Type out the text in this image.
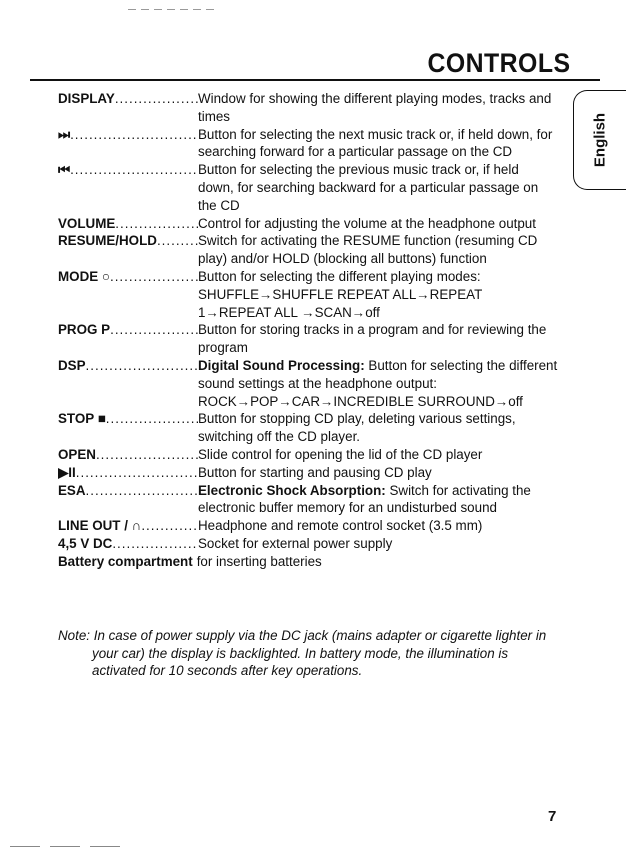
CONTROLS
English
DISPLAY .....	Window for showing the different playing modes, tracks and times
⏭ .....	Button for selecting the next music track or, if held down, for searching forward for a particular passage on the CD
⏮ .....	Button for selecting the previous music track or, if held down, for searching backward for a particular passage on the CD
VOLUME .....	Control for adjusting the volume at the headphone output
RESUME/HOLD .....	Switch for activating the RESUME function (resuming CD play) and/or HOLD (blocking all buttons) function
MODE ○ .....	Button for selecting the different playing modes: SHUFFLE→SHUFFLE REPEAT ALL→REPEAT 1→REPEAT ALL →SCAN→off
PROG P .....	Button for storing tracks in a program and for reviewing the program
DSP .....	Digital Sound Processing: Button for selecting the different sound settings at the headphone output: ROCK→POP→CAR→INCREDIBLE SURROUND→off
STOP ■ .....	Button for stopping CD play, deleting various settings, switching off the CD player.
OPEN .....	Slide control for opening the lid of the CD player
▶II .....	Button for starting and pausing CD play
ESA .....	Electronic Shock Absorption: Switch for activating the electronic buffer memory for an undisturbed sound
LINE OUT / ∩ .....	Headphone and remote control socket (3.5 mm)
4,5 V DC .....	Socket for external power supply
Battery compartment for inserting batteries
Note: In case of power supply via the DC jack (mains adapter or cigarette lighter in
your car) the display is backlighted. In battery mode, the illumination is activated for 10 seconds after key operations.
7
